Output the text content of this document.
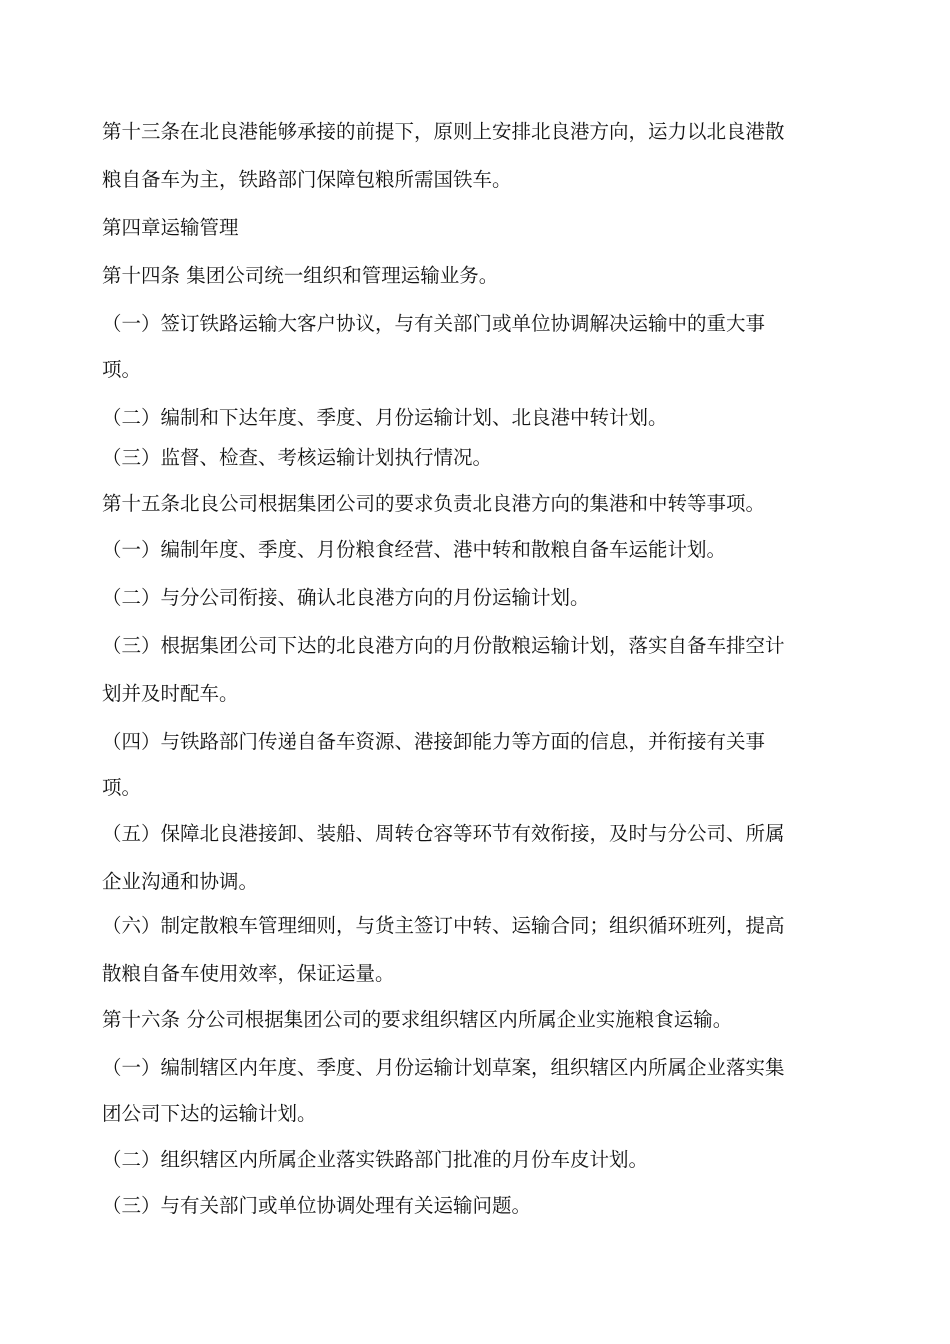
第十三条在北良港能够承接的前提下，原则上安排北良港方向，运力以北良港散
粮自备车为主，铁路部门保障包粮所需国铁车。
第四章运输管理
第十四条 集团公司统一组织和管理运输业务。
（一）签订铁路运输大客户协议，与有关部门或单位协调解决运输中的重大事
项。
（二）编制和下达年度、季度、月份运输计划、北良港中转计划。
（三）监督、检查、考核运输计划执行情况。
第十五条北良公司根据集团公司的要求负责北良港方向的集港和中转等事项。
（一）编制年度、季度、月份粮食经营、港中转和散粮自备车运能计划。
（二）与分公司衔接、确认北良港方向的月份运输计划。
（三）根据集团公司下达的北良港方向的月份散粮运输计划，落实自备车排空计
划并及时配车。
（四）与铁路部门传递自备车资源、港接卸能力等方面的信息，并衔接有关事
项。
（五）保障北良港接卸、装船、周转仓容等环节有效衔接，及时与分公司、所属
企业沟通和协调。
（六）制定散粮车管理细则，与货主签订中转、运输合同；组织循环班列，提高
散粮自备车使用效率，保证运量。
第十六条 分公司根据集团公司的要求组织辖区内所属企业实施粮食运输。
（一）编制辖区内年度、季度、月份运输计划草案，组织辖区内所属企业落实集
团公司下达的运输计划。
（二）组织辖区内所属企业落实铁路部门批准的月份车皮计划。
（三）与有关部门或单位协调处理有关运输问题。
